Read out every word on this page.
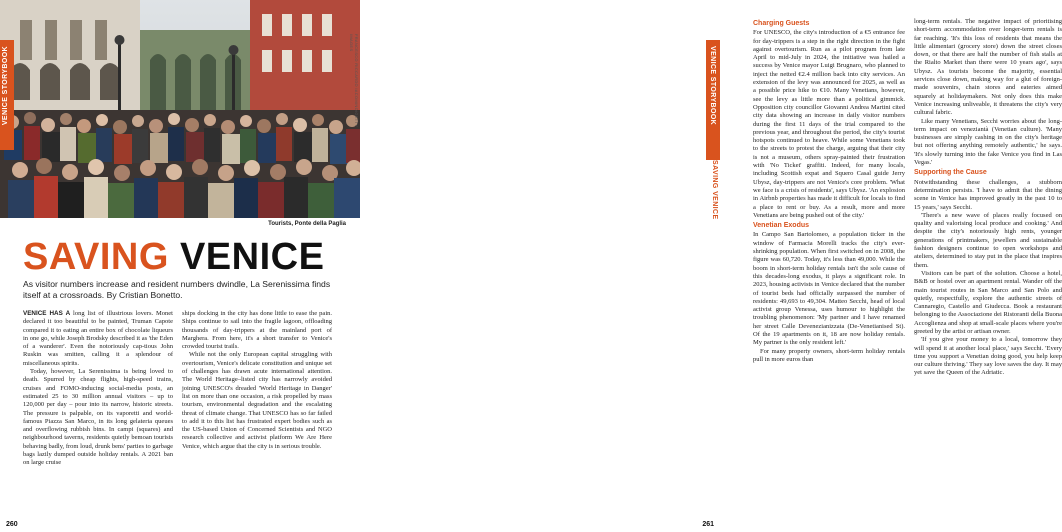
FRANCESCO RICCARDO IACOMINO/GETTY IMAGES
VENICE STORYBOOK
Tourists, Ponte della Paglia
SAVING VENICE

As visitor numbers increase and resident numbers dwindle, La Serenissima finds itself at a crossroads. By Cristian Bonetto.

VENICE HAS A long list of illustrious lovers. Monet declared it too beautiful to be painted, Truman Capote compared it to eating an entire box of chocolate liqueurs in one go, while Joseph Brodsky described it as 'the Eden of a wanderer'. Even the notoriously cap-tious John Ruskin was smitten, calling it a splendour of miscellaneous spirits.

Today, however, La Serenissima is being loved to death. Spurred by cheap flights, high-speed trains, cruises and FOMO-inducing social-media posts, an estimated 25 to 30 million annual visitors – up to 120,000 per day – pour into its narrow, historic streets. The pressure is palpable, on its vaporetti and world-famous Piazza San Marco, in its long gelateria queues and overflowing rubbish bins. In campi (squares) and neighbourhood taverns, residents quietly bemoan tourists behaving badly, from loud, drunk bens' parties to garbage bags lazily dumped outside holiday rentals. A 2021 ban on large cruise

ships docking in the city has done little to ease the pain. Ships continue to sail into the fragile lagoon, offloading thousands of day-trippers at the mainland port of Marghera. From here, it's a short transfer to Venice's crowded tourist trails.

While not the only European capital struggling with overtourism, Venice's delicate constitution and unique set of challenges has drawn acute international attention. The World Heritage–listed city has narrowly avoided joining UNESCO's dreaded 'World Heritage in Danger' list on more than one occasion, a risk propelled by mass tourism, environmental degradation and the escalating threat of climate change. That UNESCO has so far failed to add it to this list has frustrated expert bodies such as the US-based Union of Concerned Scientists and NGO research collective and activist platform We Are Here Venice, which argue that the city is in serious trouble.

260
Charging Guests

For UNESCO, the city's introduction of a €5 entrance fee for day-trippers is a step in the right direction in the fight against overtourism. Run as a pilot program from late April to mid-July in 2024, the initiative was hailed a success by Venice mayor Luigi Brugnaro, who planned to inject the netted €2.4 million back into city services. An extension of the levy was announced for 2025, as well as a possible price hike to €10. Many Venetians, however, see the levy as little more than a political gimmick. Opposition city councillor Giovanni Andrea Martini cited city data showing an increase in daily visitor numbers during the first 11 days of the trial compared to the previous year, and throughout the period, the city's tourist hotspots continued to heave. While some Venetians took to the streets to protest the charge, arguing that their city is not a museum, others spray-painted their frustration with 'No Ticket' graffiti. Indeed, for many locals, including Scottish expat and Squero Casal guide Jerry Ubysz, day-trippers are not Venice's core problem. 'What we face is a crisis of residents', says Ubysz. 'An explosion in Airbnb properties has made it difficult for locals to find a place to rent or buy. As a result, more and more Venetians are being pushed out of the city.'

Venetian Exodus

In Campo San Bartolomeo, a population ticker in the window of Farmacia Morelli tracks the city's ever-shrinking population. When first switched on in 2008, the figure was 60,720. Today, it's less than 49,000. While the boom in short-term holiday rentals isn't the sole cause of this decades-long exodus, it plays a significant role. In 2023, housing activists in Venice declared that the number of tourist beds had officially surpassed the number of residents: 49,693 to 49,304. Matteo Secchi, head of local activist group Venessa, uses humour to highlight the troubling phenomenon: 'My partner and I have renamed her street Calle Devenezianizzata (De-Venetianised St). Of the 19 apartments on it, 18 are now holiday rentals. My partner is the only resident left.'

For many property owners, short-term holiday rentals pull in more euros than

long-term rentals. The negative impact of prioritising short-term accommodation over longer-term rentals is far reaching. 'It's this loss of residents that means the little alimentari (grocery store) down the street closes down, or that there are half the number of fish stalls at the Rialto Market than there were 10 years ago', says Ubysz. As tourists become the majority, essential services close down, making way for a glut of foreign-made souvenirs, chain stores and eateries aimed squarely at holidaymakers. Not only does this make Venice increasing unliveable, it threatens the city's very cultural fabric.

Like many Venetians, Secchi worries about the long-term impact on veneziantà (Venetian culture). 'Many businesses are simply cashing in on the city's heritage but not offering anything remotely authentic,' he says. 'It's slowly turning into the fake Venice you find in Las Vegas.'

Supporting the Cause

Notwithstanding these challenges, a stubborn determination persists. 'I have to admit that the dining scene in Venice has improved greatly in the past 10 to 15 years,' says Secchi.

'There's a new wave of places really focused on quality and valorising local produce and cooking.' And despite the city's notoriously high rents, younger generations of printmakers, jewellers and sustainable fashion designers continue to open workshops and ateliers, determined to stay put in the place that inspires them.

Visitors can be part of the solution. Choose a hotel, B&B or hostel over an apartment rental. Wander off the main tourist routes in San Marco and San Polo and quietly, respectfully, explore the authentic streets of Cannaregio, Castello and Giudecca. Book a restaurant belonging to the Associazione dei Ristoranti della Buona Accoglienza and shop at small-scale places where you're greeted by the artist or artisan owner.

'If you give your money to a local, tomorrow they will spend it at another local place,' says Secchi. 'Every time you support a Venetian doing good, you help keep our culture thriving.' They say love saves the day. It may yet save the Queen of the Adriatic.

VENICE STORYBOOK
SAVING VENICE
261
